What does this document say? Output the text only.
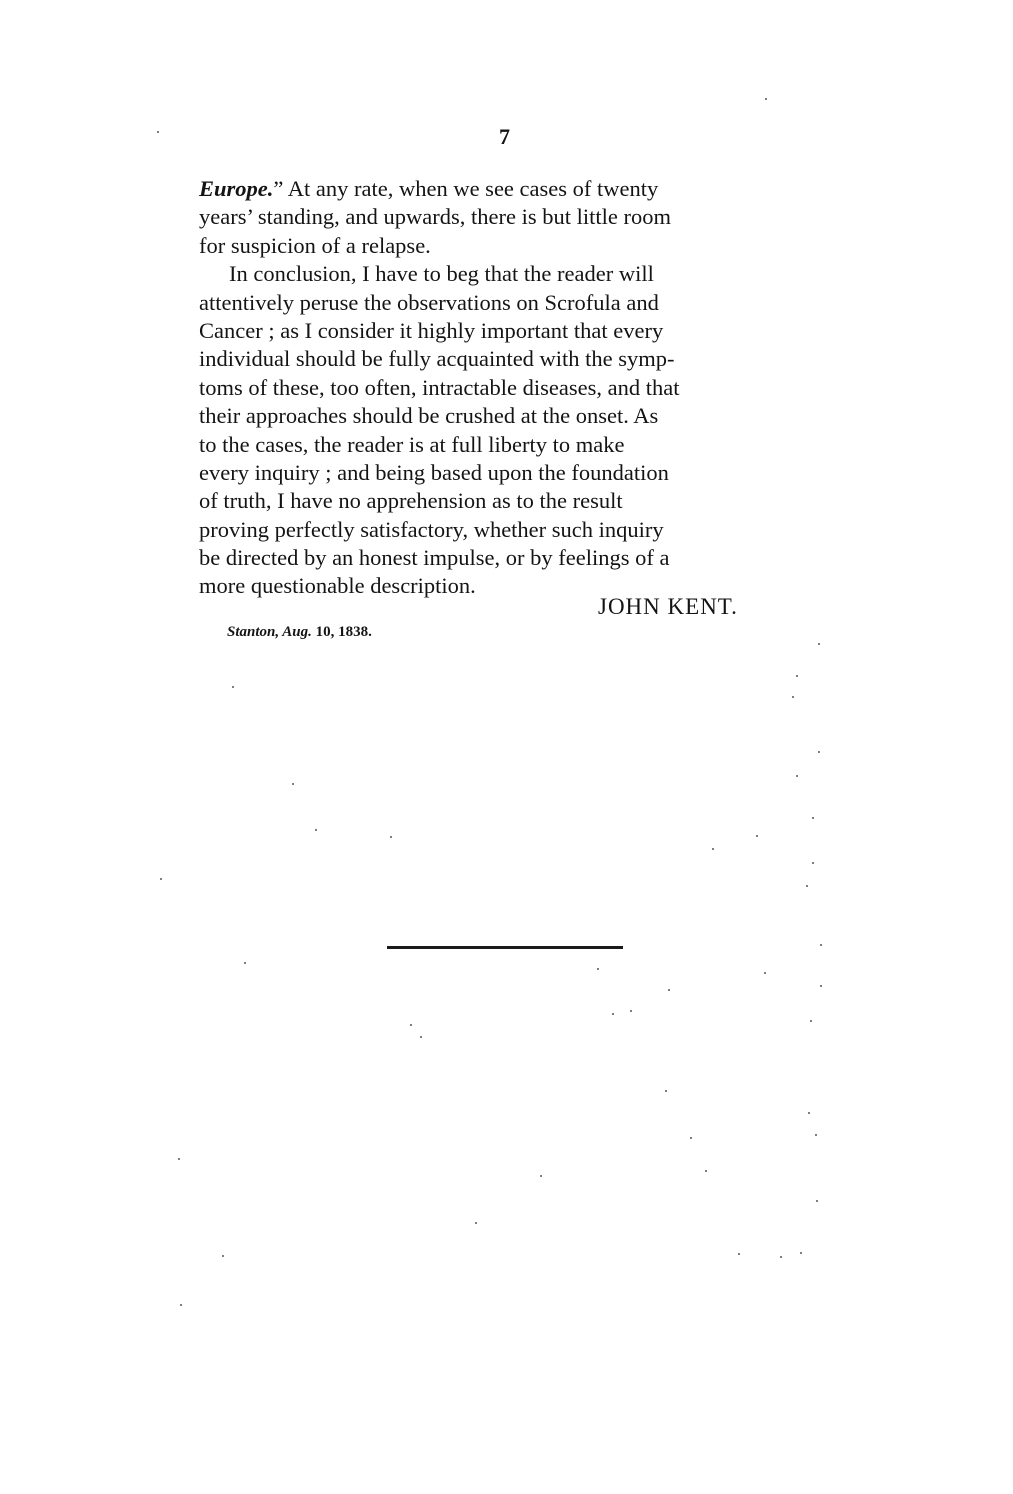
7
Europe.” At any rate, when we see cases of twenty
years’ standing, and upwards, there is but little room
for suspicion of a relapse.
In conclusion, I have to beg that the reader will
attentively peruse the observations on Scrofula and
Cancer ; as I consider it highly important that every
individual should be fully acquainted with the symp-
toms of these, too often, intractable diseases, and that
their approaches should be crushed at the onset. As
to the cases, the reader is at full liberty to make
every inquiry ; and being based upon the foundation
of truth, I have no apprehension as to the result
proving perfectly satisfactory, whether such inquiry
be directed by an honest impulse, or by feelings of a
more questionable description.
JOHN KENT.
Stanton, Aug. 10, 1838.
